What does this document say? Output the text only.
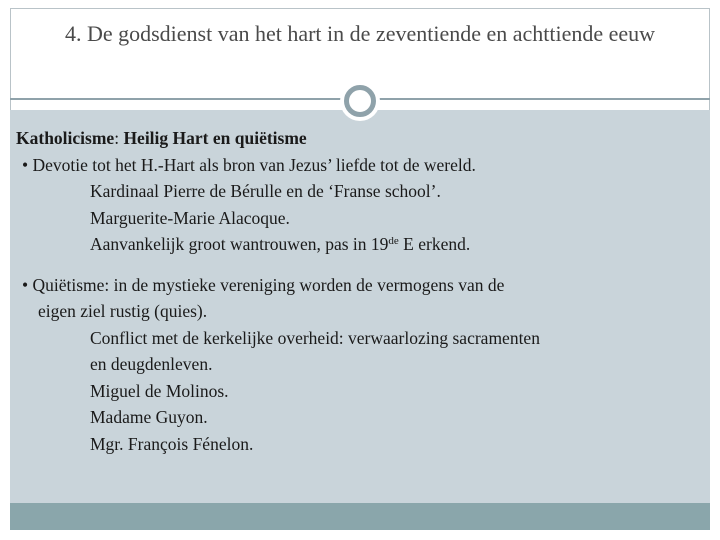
4. De godsdienst van het hart in de zeventiende en achttiende eeuw
Katholicisme: Heilig Hart en quiëtisme
• Devotie tot het H.-Hart als bron van Jezus’ liefde tot de wereld.
Kardinaal Pierre de Bérulle en de ‘Franse school’.
Marguerite-Marie Alacoque.
Aanvankelijk groot wantrouwen, pas in 19de E erkend.
• Quiëtisme: in de mystieke vereniging worden de vermogens van de
eigen ziel rustig (quies).
Conflict met de kerkelijke overheid: verwaarlozing sacramenten
en deugdenleven.
Miguel de Molinos.
Madame Guyon.
Mgr. François Fénelon.
